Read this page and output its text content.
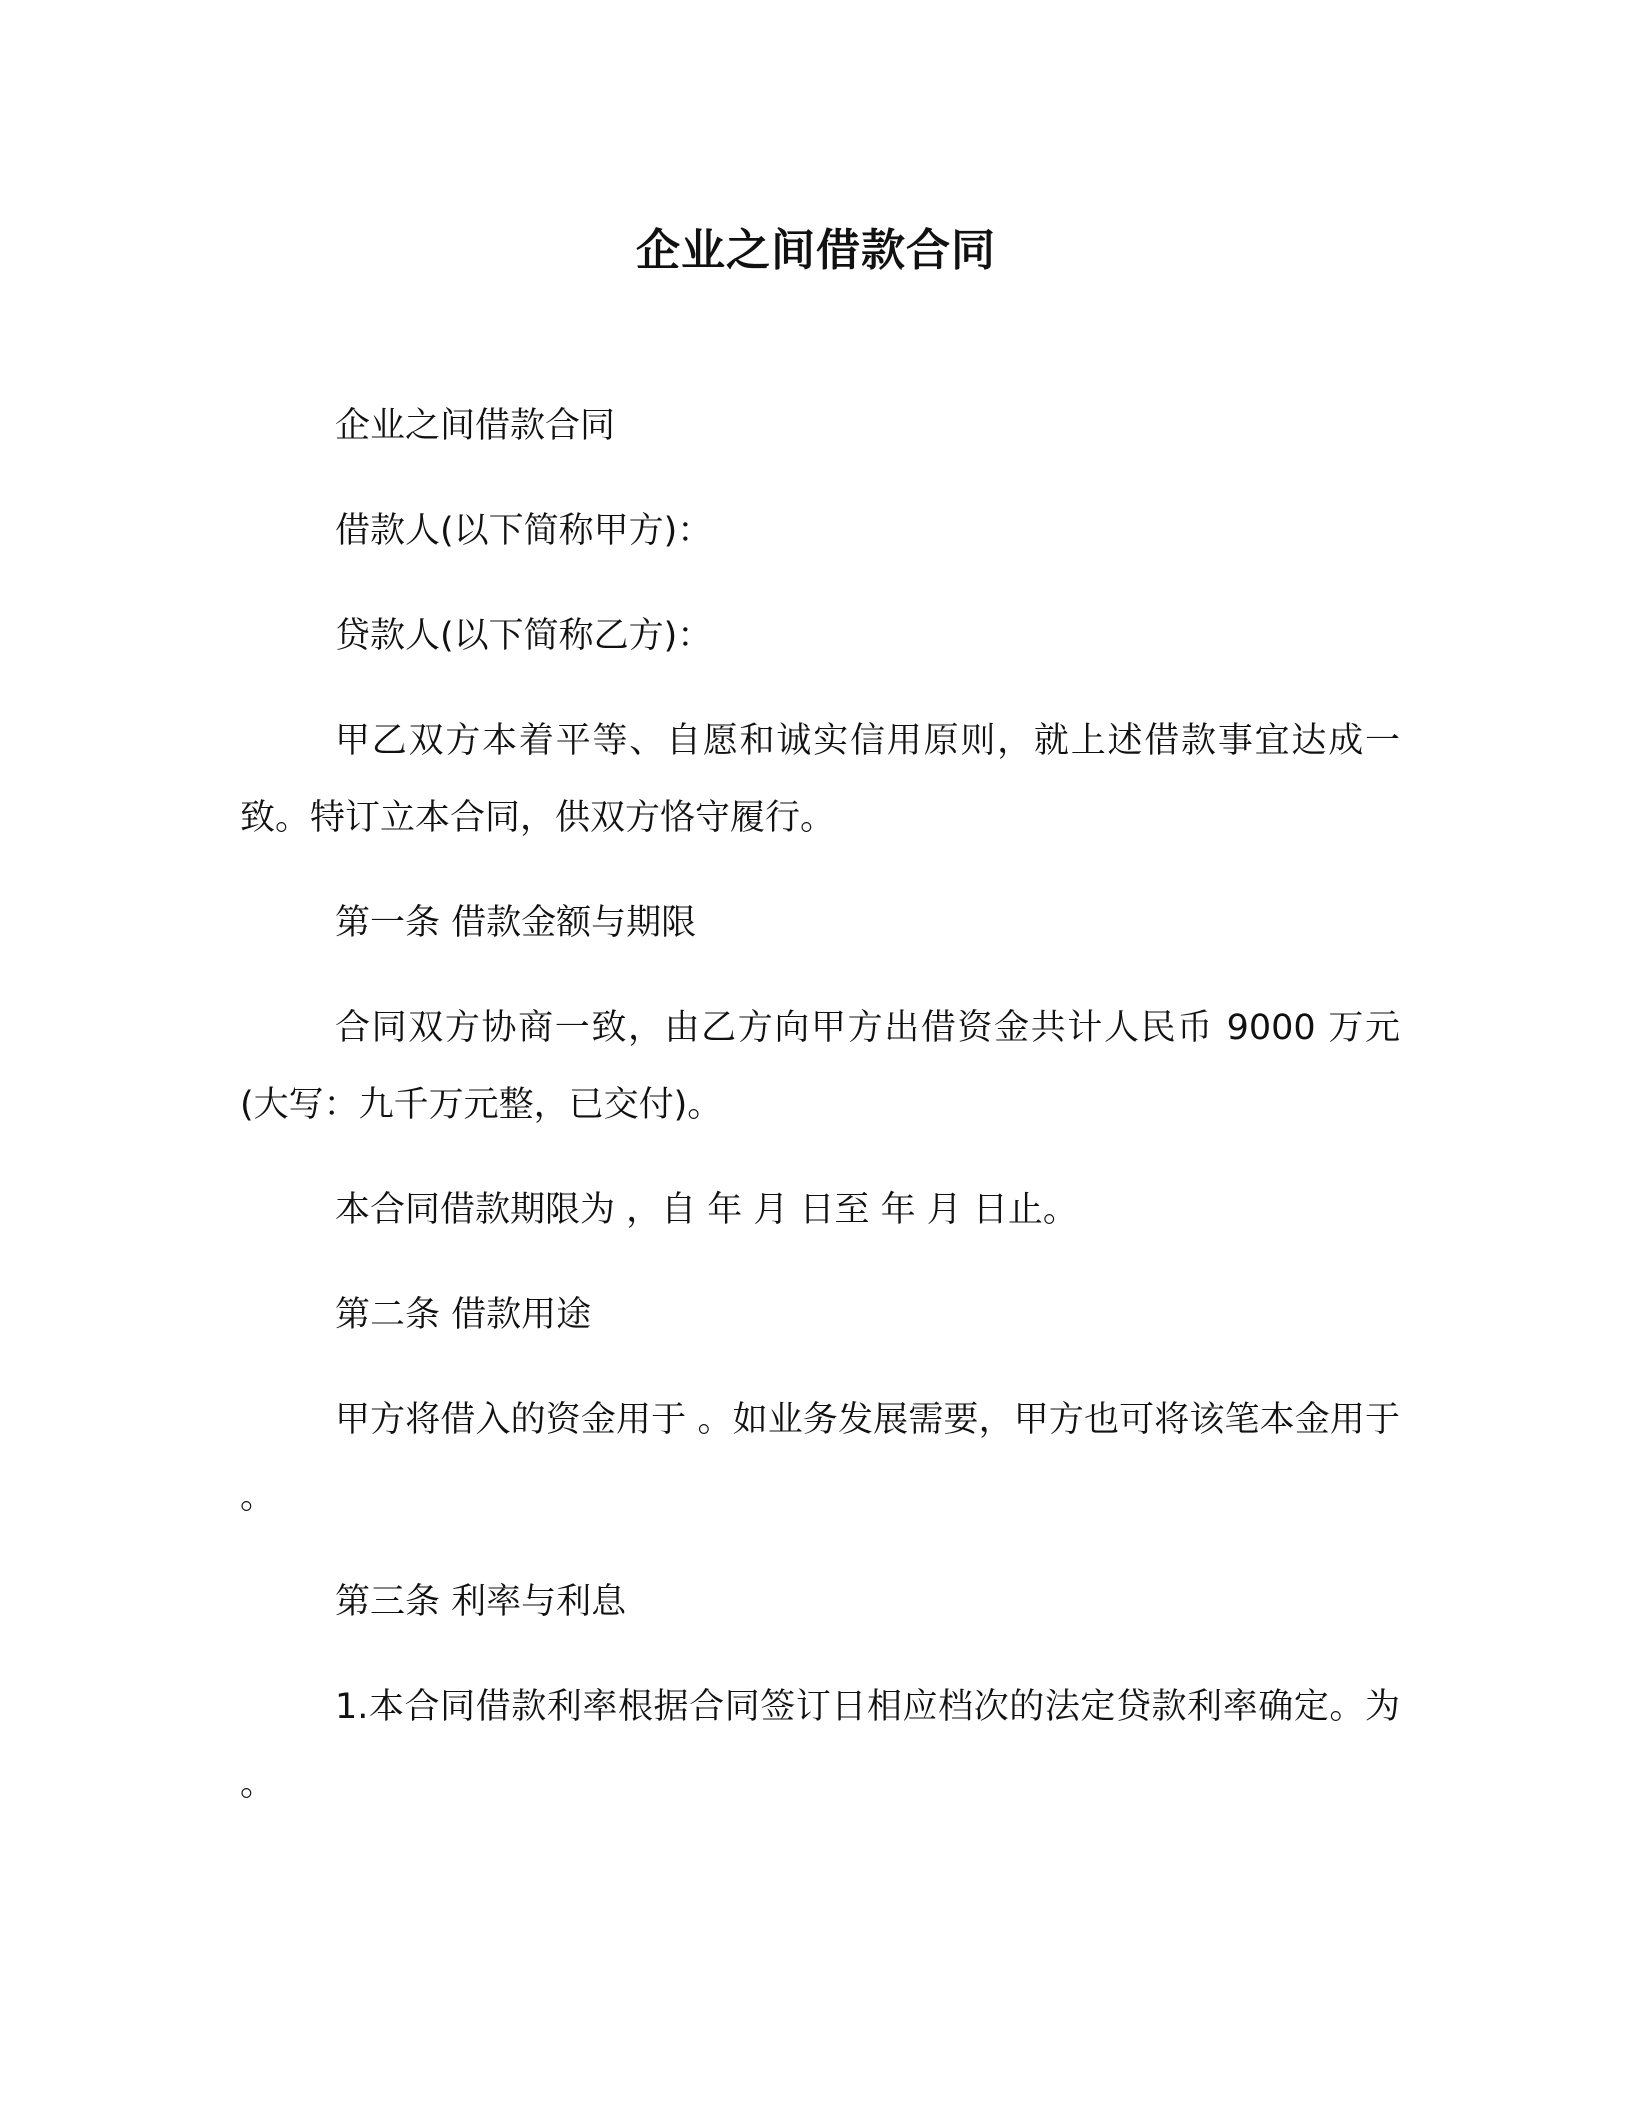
企业之间借款合同

企业之间借款合同

借款人(以下简称甲方)：

贷款人(以下简称乙方)：

甲乙双方本着平等、自愿和诚实信用原则，就上述借款事宜达成一致。特订立本合同，供双方恪守履行。

第一条 借款金额与期限

合同双方协商一致，由乙方向甲方出借资金共计人民币 9000 万元(大写：九千万元整，已交付)。

本合同借款期限为 ，自 年 月 日至 年 月 日止。

第二条 借款用途

甲方将借入的资金用于 。如业务发展需要，甲方也可将该笔本金用于 。

第三条 利率与利息

1.本合同借款利率根据合同签订日相应档次的法定贷款利率确定。为 。
